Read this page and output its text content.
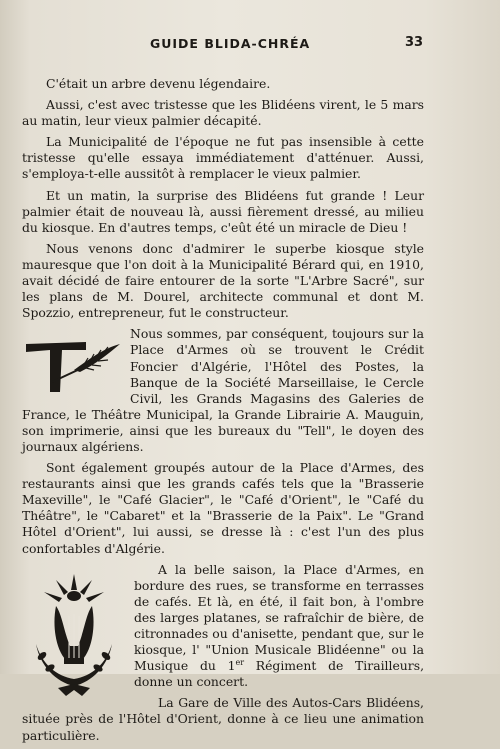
GUIDE BLIDA-CHRÉA	33

C'était un arbre devenu légendaire.

Aussi, c'est avec tristesse que les Blidéens virent, le 5 mars au matin, leur vieux palmier décapité.

La Municipalité de l'époque ne fut pas insensible à cette tristesse qu'elle essaya immédiatement d'atténuer. Aussi, s'employa-t-elle aussitôt à remplacer le vieux palmier.

Et un matin, la surprise des Blidéens fut grande ! Leur palmier était de nouveau là, aussi fièrement dressé, au milieu du kiosque. En d'autres temps, c'eût été un miracle de Dieu !

Nous venons donc d'admirer le superbe kiosque style mauresque que l'on doit à la Municipalité Bérard qui, en 1910, avait décidé de faire entourer de la sorte "L'Arbre Sacré", sur les plans de M. Dourel, architecte communal et dont M. Spozzio, entrepreneur, fut le constructeur.

Nous sommes, par conséquent, toujours sur la Place d'Armes où se trouvent le Crédit Foncier d'Algérie, l'Hôtel des Postes, la Banque de la Société Marseillaise, le Cercle Civil, les Grands Magasins des Galeries de France, le Théâtre Municipal, la Grande Librairie A. Mauguin, son imprimerie, ainsi que les bureaux du "Tell", le doyen des journaux algériens.

Sont également groupés autour de la Place d'Armes, des restaurants ainsi que les grands cafés tels que la "Brasserie Maxeville", le "Café Glacier", le "Café d'Orient", le "Café du Théâtre", le "Cabaret" et la "Brasserie de la Paix". Le "Grand Hôtel d'Orient", lui aussi, se dresse là : c'est l'un des plus confortables d'Algérie.

A la belle saison, la Place d'Armes, en bordure des rues, se transforme en terrasses de cafés. Et là, en été, il fait bon, à l'ombre des larges platanes, se rafraîchir de bière, de citronnades ou d'anisette, pendant que, sur le kiosque, l' "Union Musicale Blidéenne" ou la Musique du 1er Régiment de Tirailleurs, donne un concert.

La Gare de Ville des Autos-Cars Blidéens, située près de l'Hôtel d'Orient, donne à ce lieu une animation particulière.
